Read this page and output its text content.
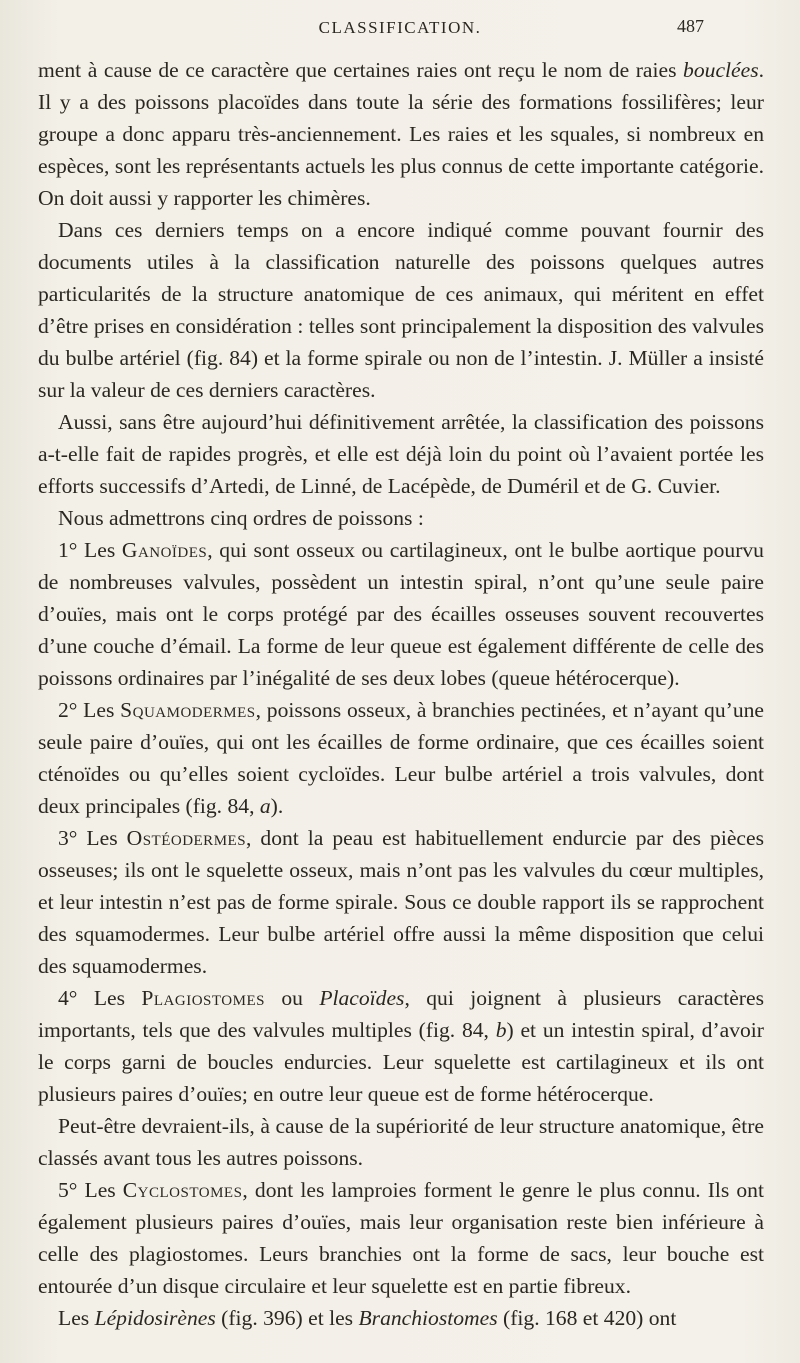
CLASSIFICATION.	487

ment à cause de ce caractère que certaines raies ont reçu le nom de raies bouclées. Il y a des poissons placoïdes dans toute la série des formations fossilifères; leur groupe a donc apparu très-anciennement. Les raies et les squales, si nombreux en espèces, sont les représentants actuels les plus connus de cette importante catégorie. On doit aussi y rapporter les chimères.

Dans ces derniers temps on a encore indiqué comme pouvant fournir des documents utiles à la classification naturelle des poissons quelques autres particularités de la structure anatomique de ces animaux, qui méritent en effet d’être prises en considération : telles sont principalement la disposition des valvules du bulbe artériel (fig. 84) et la forme spirale ou non de l’intestin. J. Müller a insisté sur la valeur de ces derniers caractères.

Aussi, sans être aujourd’hui définitivement arrêtée, la classification des poissons a-t-elle fait de rapides progrès, et elle est déjà loin du point où l’avaient portée les efforts successifs d’Artedi, de Linné, de Lacépède, de Duméril et de G. Cuvier.

Nous admettrons cinq ordres de poissons :

1° Les Ganoïdes, qui sont osseux ou cartilagineux, ont le bulbe aortique pourvu de nombreuses valvules, possèdent un intestin spiral, n’ont qu’une seule paire d’ouïes, mais ont le corps protégé par des écailles osseuses souvent recouvertes d’une couche d’émail. La forme de leur queue est également différente de celle des poissons ordinaires par l’inégalité de ses deux lobes (queue hétérocerque).

2° Les Squamodermes, poissons osseux, à branchies pectinées, et n’ayant qu’une seule paire d’ouïes, qui ont les écailles de forme ordinaire, que ces écailles soient cténoïdes ou qu’elles soient cycloïdes. Leur bulbe artériel a trois valvules, dont deux principales (fig. 84, a).

3° Les Ostéodermes, dont la peau est habituellement endurcie par des pièces osseuses; ils ont le squelette osseux, mais n’ont pas les valvules du cœur multiples, et leur intestin n’est pas de forme spirale. Sous ce double rapport ils se rapprochent des squamodermes. Leur bulbe artériel offre aussi la même disposition que celui des squamodermes.

4° Les Plagiostomes ou Placoïdes, qui joignent à plusieurs caractères importants, tels que des valvules multiples (fig. 84, b) et un intestin spiral, d’avoir le corps garni de boucles endurcies. Leur squelette est cartilagineux et ils ont plusieurs paires d’ouïes; en outre leur queue est de forme hétérocerque.

Peut-être devraient-ils, à cause de la supériorité de leur structure anatomique, être classés avant tous les autres poissons.

5° Les Cyclostomes, dont les lamproies forment le genre le plus connu. Ils ont également plusieurs paires d’ouïes, mais leur organisation reste bien inférieure à celle des plagiostomes. Leurs branchies ont la forme de sacs, leur bouche est entourée d’un disque circulaire et leur squelette est en partie fibreux.

Les Lépidosirènes (fig. 396) et les Branchiostomes (fig. 168 et 420) ont
